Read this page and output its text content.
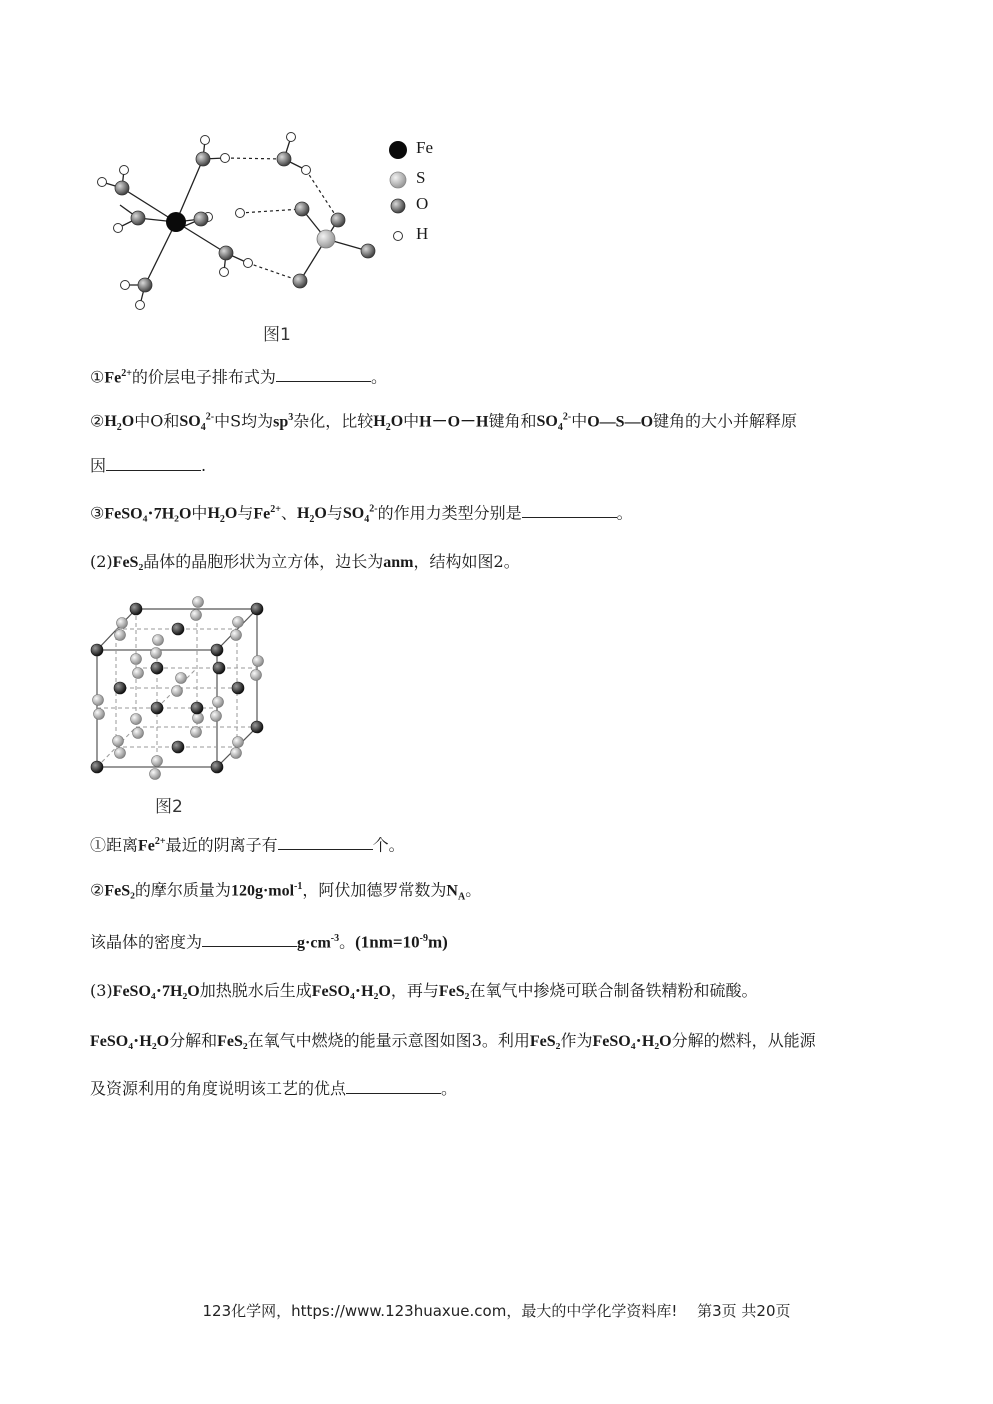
Fe
S
O
H
图1
$①Fe^{2+}$的价层电子排布式为	。
$②H_2O$中O和$SO_4^{2-}$中S均为$sp^3$杂化，比较$H_2O$中H－O－H键角和$SO_4^{2-}$中O—S—O键角的大小并解释原
因	.
③FeSO₄⋅7H₂O中$H_2O$与$Fe^{2+}$、$H_2O$与$SO_4^{2-}$的作用力类型分别是	。
(2)FeS₂晶体的晶胞形状为立方体，边长为anm，结构如图2。
图2
①距离$Fe^{2+}$最近的阴离子有	个。
②FeS₂的摩尔质量为120g·mol$^{-1}$，阿伏加德罗常数为$N_A$。
该晶体的密度为	$g\cdot cm^{-3}$。$(1nm=10^{-9}m)$
(3)FeSO₄⋅7H₂O加热脱水后生成FeSO₄⋅H₂O，再与FeS₂在氧气中掺烧可联合制备铁精粉和硫酸。
FeSO₄⋅H₂O分解和FeS₂在氧气中燃烧的能量示意图如图3。利用FeS₂作为FeSO₄⋅H₂O分解的燃料，从能源
及资源利用的角度说明该工艺的优点	。
123化学网，https://www.123huaxue.com，最大的中学化学资料库!　 第3页 共20页
